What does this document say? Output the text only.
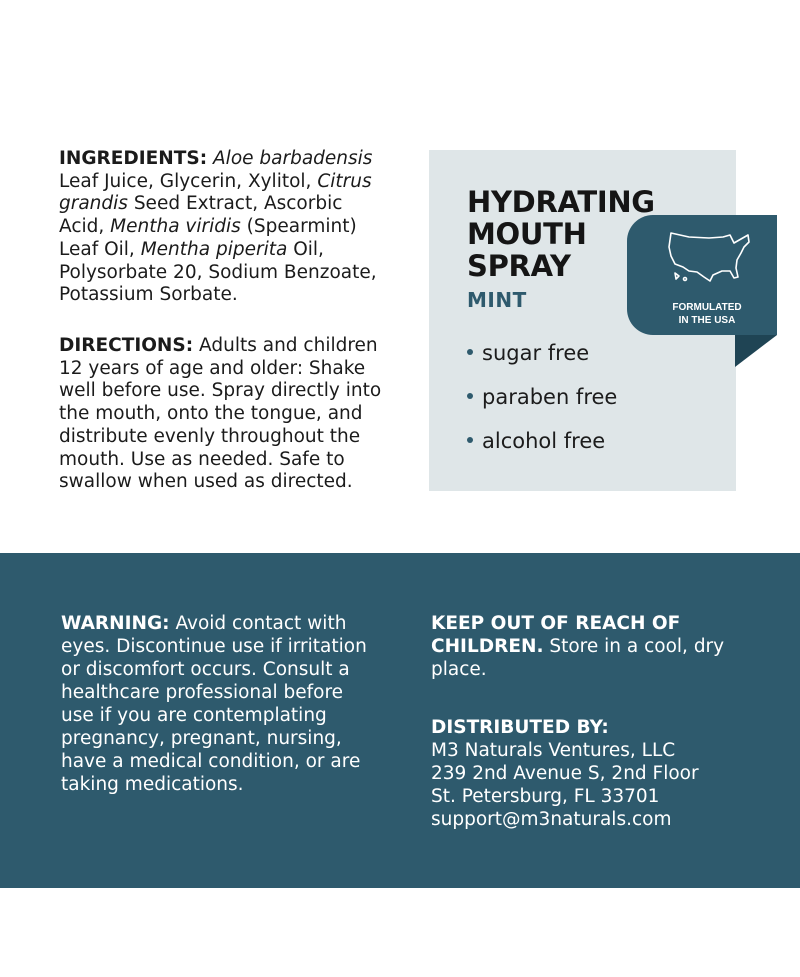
INGREDIENTS: Aloe barbadensis Leaf Juice, Glycerin, Xylitol, Citrus grandis Seed Extract, Ascorbic Acid, Mentha viridis (Spearmint) Leaf Oil, Mentha piperita Oil, Polysorbate 20, Sodium Benzoate, Potassium Sorbate.
DIRECTIONS: Adults and children 12 years of age and older: Shake well before use. Spray directly into the mouth, onto the tongue, and distribute evenly throughout the mouth. Use as needed. Safe to swallow when used as directed.
HYDRATING
MOUTH
SPRAY
MINT
sugar free
paraben free
alcohol free
FORMULATED
IN THE USA
WARNING: Avoid contact with eyes. Discontinue use if irritation or discomfort occurs. Consult a healthcare professional before use if you are contemplating pregnancy, pregnant, nursing, have a medical condition, or are taking medications.
KEEP OUT OF REACH OF CHILDREN. Store in a cool, dry place.
DISTRIBUTED BY:
M3 Naturals Ventures, LLC
239 2nd Avenue S, 2nd Floor
St. Petersburg, FL 33701
support@m3naturals.com
